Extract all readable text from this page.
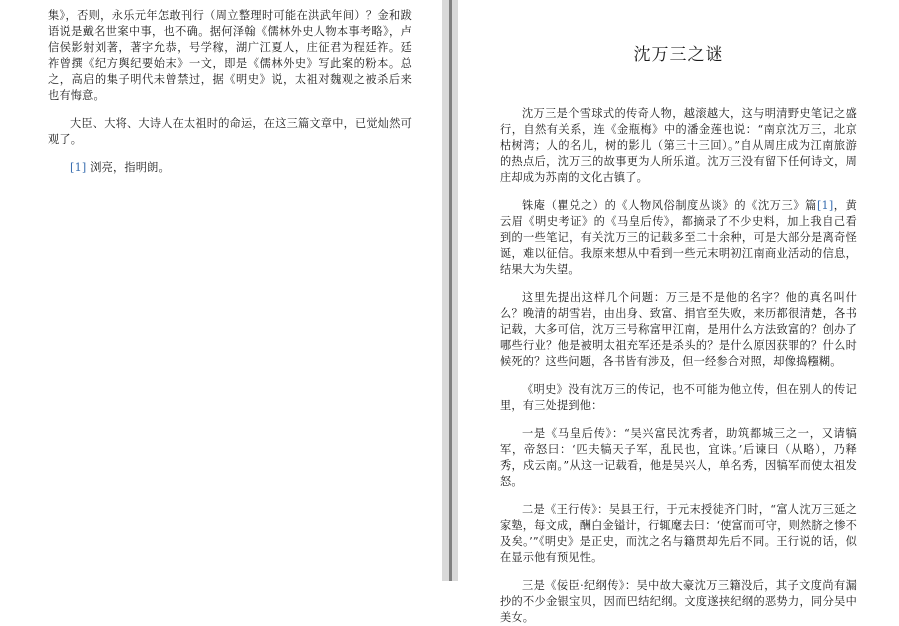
集》，否则，永乐元年怎敢刊行（周立整理时可能在洪武年间）？金和跋语说是戴名世案中事，也不确。据何泽翰《儒林外史人物本事考略》，卢信侯影射刘著，著字允恭，号学稼，湖广江夏人，庄征君为程廷祚。廷祚曾撰《纪方舆纪要始末》一文，即是《儒林外史》写此案的粉本。总之，高启的集子明代未曾禁过，据《明史》说，太祖对魏观之被杀后来也有悔意。

大臣、大将、大诗人在太祖时的命运，在这三篇文章中，已觉灿然可观了。

[1] 浏亮，指明朗。

沈万三之谜

沈万三是个雪球式的传奇人物，越滚越大，这与明清野史笔记之盛行，自然有关系，连《金瓶梅》中的潘金莲也说：“南京沈万三，北京枯树湾；人的名儿，树的影儿（第三十三回）。”自从周庄成为江南旅游的热点后，沈万三的故事更为人所乐道。沈万三没有留下任何诗文，周庄却成为苏南的文化古镇了。

铢庵（瞿兑之）的《人物风俗制度丛谈》的《沈万三》篇[1]，黄云眉《明史考证》的《马皇后传》，都摘录了不少史料，加上我自己看到的一些笔记，有关沈万三的记载多至二十余种，可是大部分是离奇怪诞，难以征信。我原来想从中看到一些元末明初江南商业活动的信息，结果大为失望。

这里先提出这样几个问题：万三是不是他的名字？他的真名叫什么？晚清的胡雪岩，由出身、致富、捐官至失败，来历都很清楚，各书记载，大多可信，沈万三号称富甲江南，是用什么方法致富的？创办了哪些行业？他是被明太祖充军还是杀头的？是什么原因获罪的？什么时候死的？这些问题，各书皆有涉及，但一经参合对照，却像捣糨糊。

《明史》没有沈万三的传记，也不可能为他立传，但在别人的传记里，有三处提到他：

一是《马皇后传》：“吴兴富民沈秀者，助筑都城三之一，又请犒军，帝怒曰：‘匹夫犒天子军，乱民也，宜诛。’后谏曰（从略），乃释秀，戍云南。”从这一记载看，他是吴兴人，单名秀，因犒军而使太祖发怒。

二是《王行传》：吴县王行，于元末授徒齐门时，“富人沈万三延之家塾，每文成，酬白金镒计，行辄麾去曰：‘使富而可守，则然脐之惨不及矣。’”《明史》是正史，而沈之名与籍贯却先后不同。王行说的话，似在显示他有预见性。

三是《佞臣·纪纲传》：吴中故大豪沈万三籍没后，其子文度尚有漏抄的不少金银宝贝，因而巴结纪纲。文度遂挟纪纲的恶势力，同分吴中美女。
